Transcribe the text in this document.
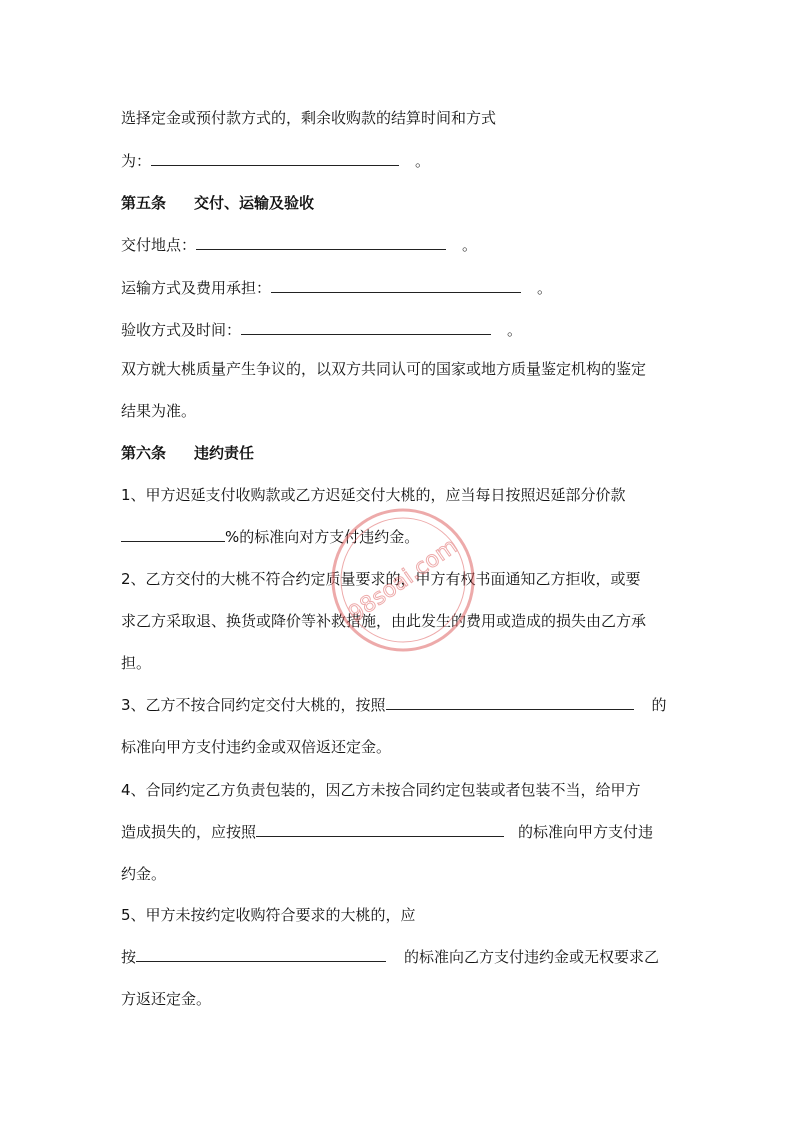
选择定金或预付款方式的，剩余收购款的结算时间和方式
为：	。
第五条 交付、运输及验收
交付地点：	。
运输方式及费用承担：	。
验收方式及时间：	。
双方就大桃质量产生争议的，以双方共同认可的国家或地方质量鉴定机构的鉴定
结果为准。
第六条 违约责任
1、甲方迟延支付收购款或乙方迟延交付大桃的，应当每日按照迟延部分价款
%的标准向对方支付违约金。
2、乙方交付的大桃不符合约定质量要求的，甲方有权书面通知乙方拒收，或要
求乙方采取退、换货或降价等补救措施，由此发生的费用或造成的损失由乙方承
担。
3、乙方不按合同约定交付大桃的，按照	的
标准向甲方支付违约金或双倍返还定金。
4、合同约定乙方负责包装的，因乙方未按合同约定包装或者包装不当，给甲方
造成损失的，应按照	的标准向甲方支付违
约金。
5、甲方未按约定收购符合要求的大桃的，应
按	的标准向乙方支付违约金或无权要求乙
方返还定金。
98soai.com
